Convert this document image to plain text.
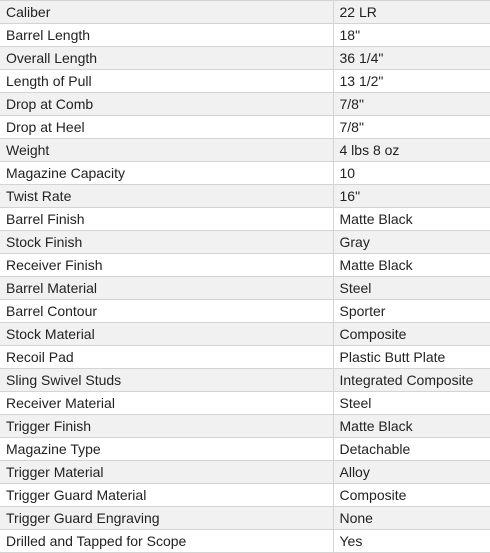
Caliber	22 LR
Barrel Length	18"
Overall Length	36 1/4"
Length of Pull	13 1/2"
Drop at Comb	7/8"
Drop at Heel	7/8"
Weight	4 lbs 8 oz
Magazine Capacity	10
Twist Rate	16"
Barrel Finish	Matte Black
Stock Finish	Gray
Receiver Finish	Matte Black
Barrel Material	Steel
Barrel Contour	Sporter
Stock Material	Composite
Recoil Pad	Plastic Butt Plate
Sling Swivel Studs	Integrated Composite
Receiver Material	Steel
Trigger Finish	Matte Black
Magazine Type	Detachable
Trigger Material	Alloy
Trigger Guard Material	Composite
Trigger Guard Engraving	None
Drilled and Tapped for Scope	Yes
